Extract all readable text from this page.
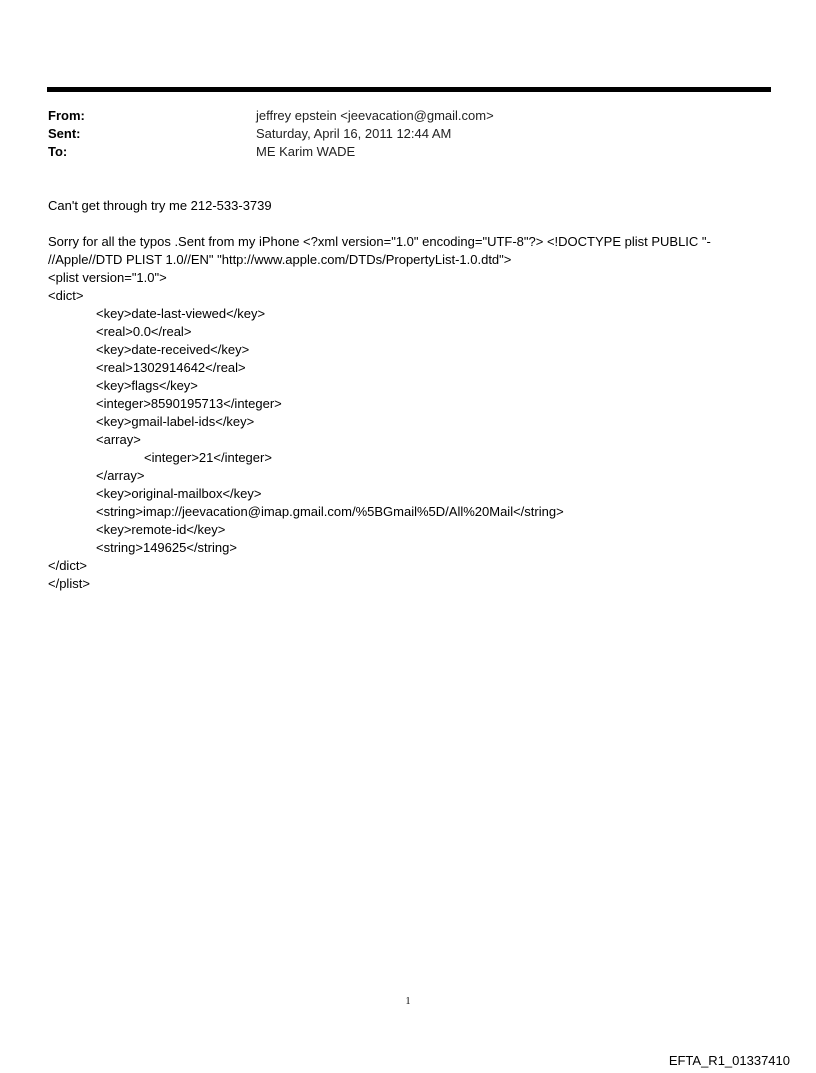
From:	jeffrey epstein <jeevacation@gmail.com>
Sent:	Saturday, April 16, 2011 12:44 AM
To:	ME Karim WADE

Can't get through try me 212-533-3739

Sorry for all the typos .Sent from my iPhone <?xml version="1.0" encoding="UTF-8"?> <!DOCTYPE plist PUBLIC "-
//Apple//DTD PLIST 1.0//EN" "http://www.apple.com/DTDs/PropertyList-1.0.dtd">
<plist version="1.0">
<dict>
<key>date-last-viewed</key>
<real>0.0</real>
<key>date-received</key>
<real>1302914642</real>
<key>flags</key>
<integer>8590195713</integer>
<key>gmail-label-ids</key>
<array>
<integer>21</integer>
</array>
<key>original-mailbox</key>
<string>imap://jeevacation@imap.gmail.com/%5BGmail%5D/All%20Mail</string>
<key>remote-id</key>
<string>149625</string>
</dict>
</plist>
1
EFTA_R1_01337410
